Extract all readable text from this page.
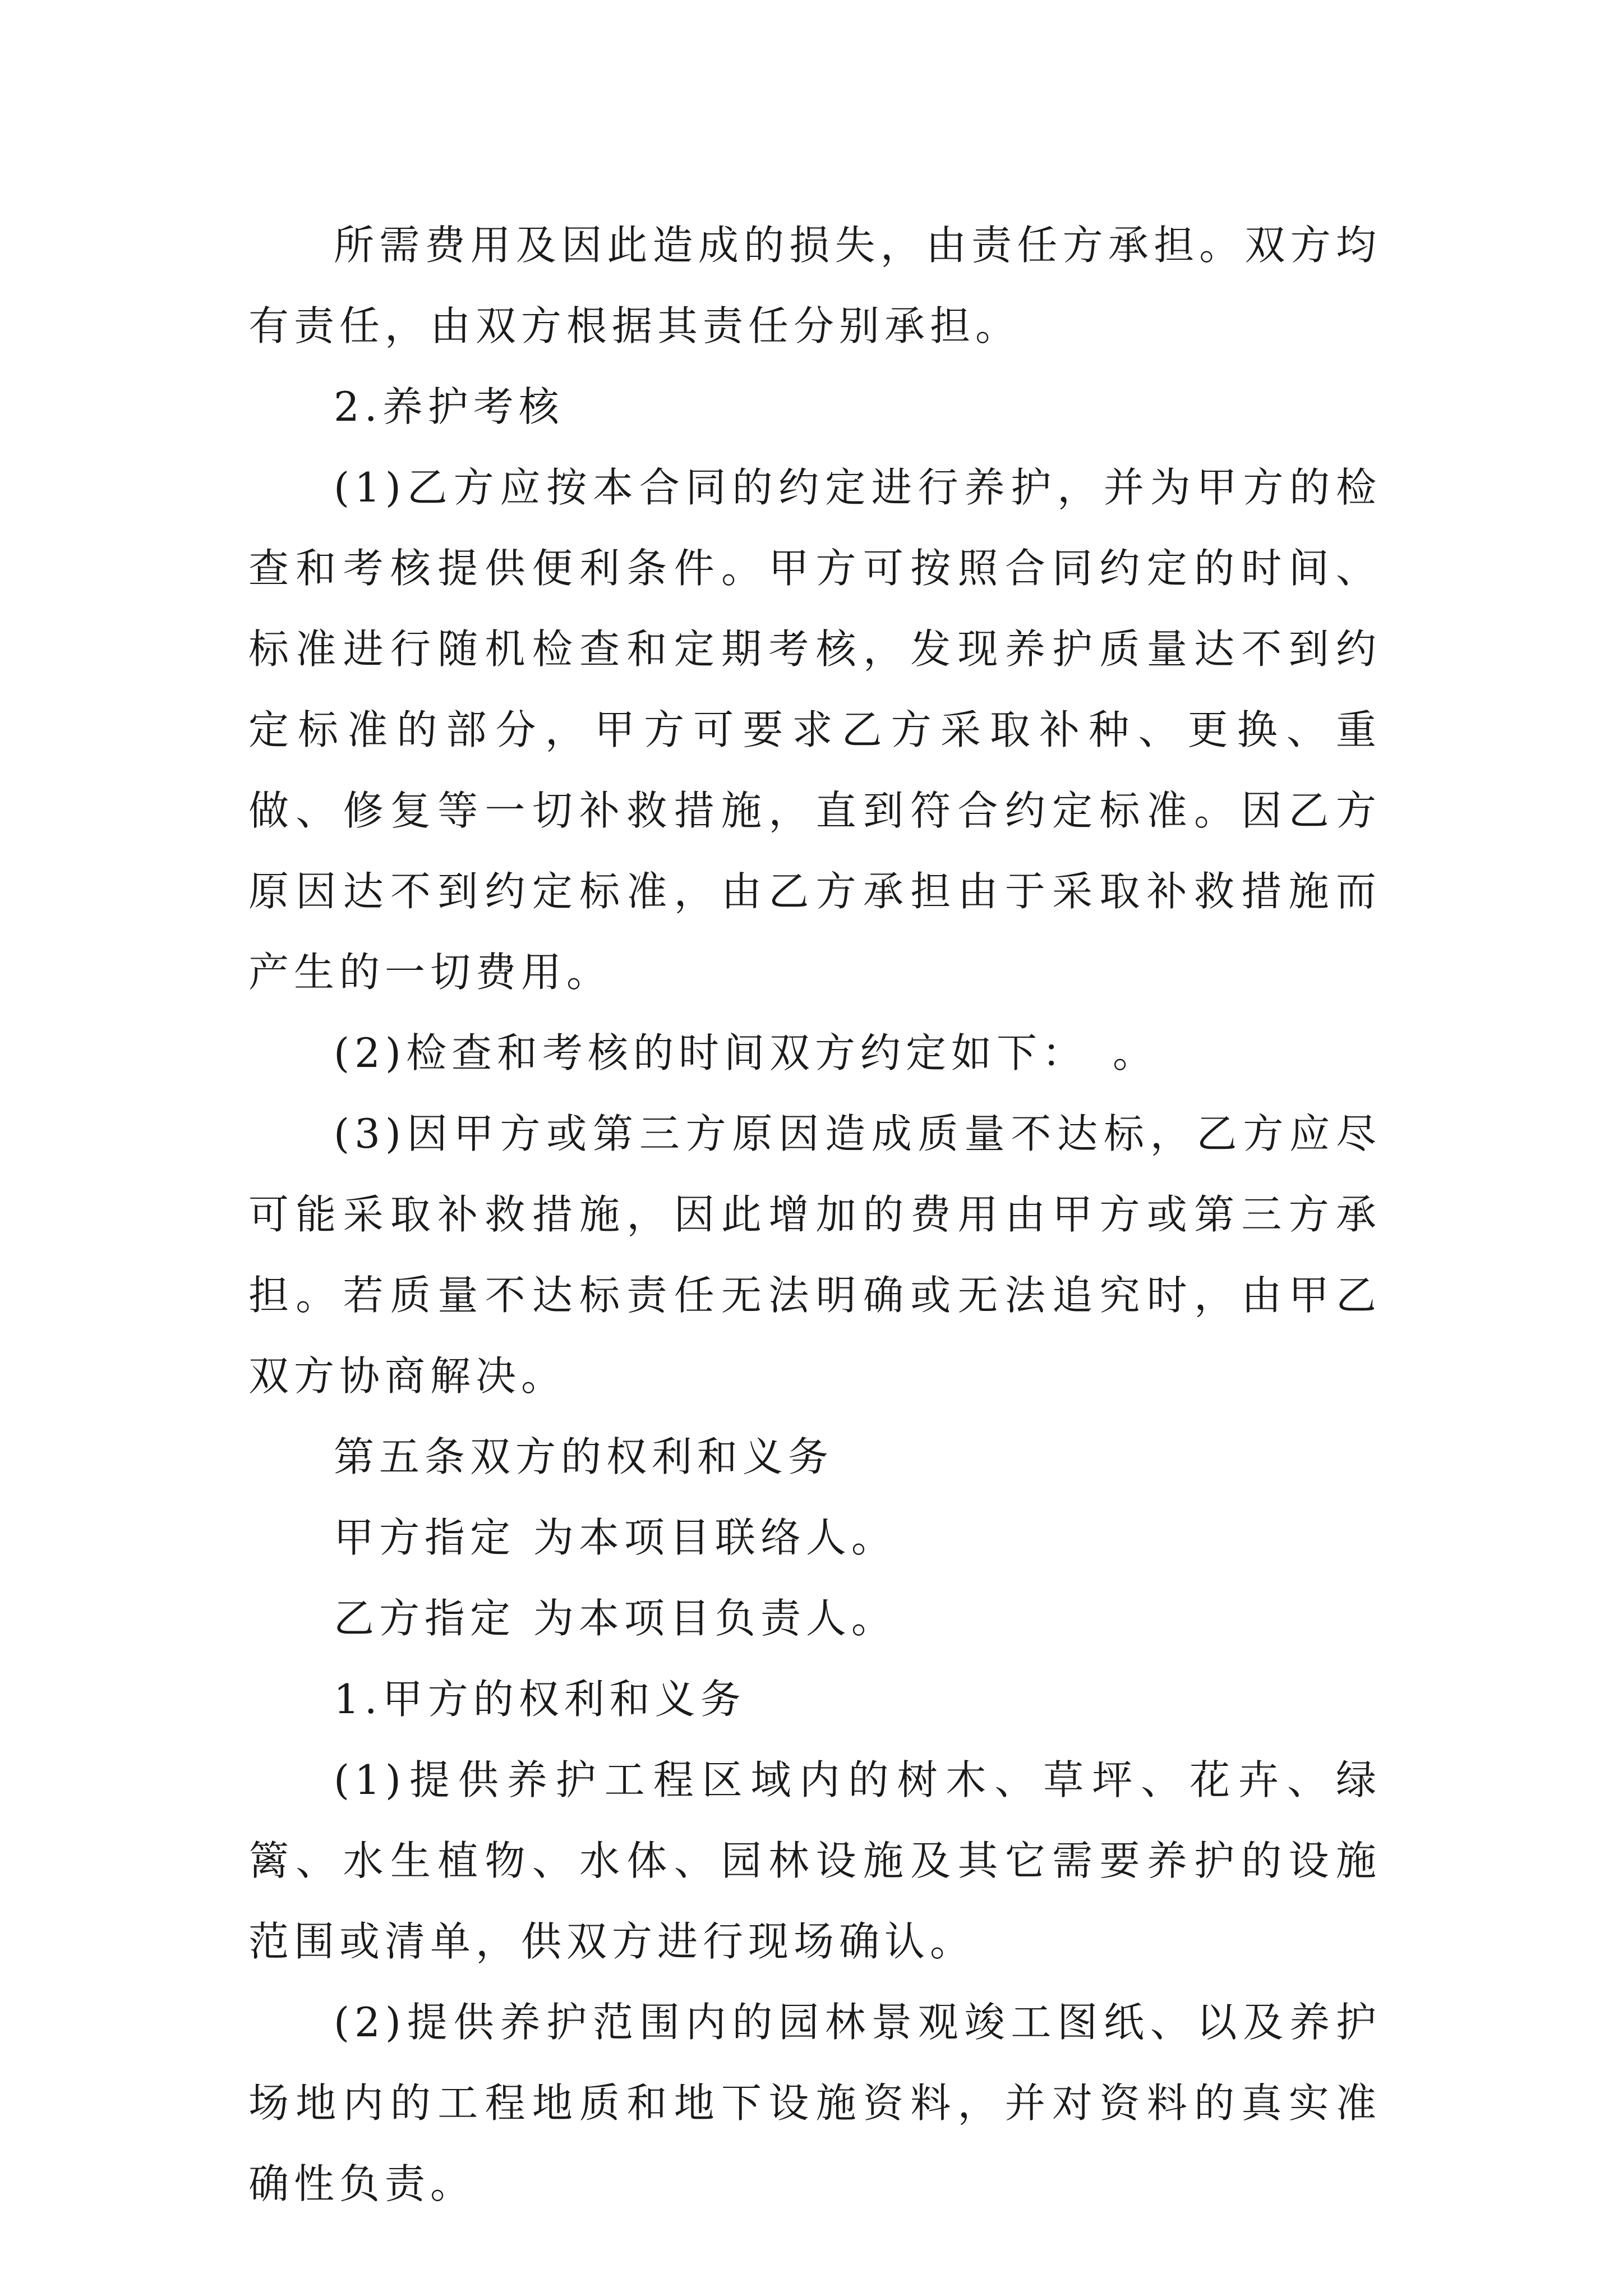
所需费用及因此造成的损失，由责任方承担。双方均有责任，由双方根据其责任分别承担。

2.养护考核

(1)乙方应按本合同的约定进行养护，并为甲方的检查和考核提供便利条件。甲方可按照合同约定的时间、标准进行随机检查和定期考核，发现养护质量达不到约定标准的部分，甲方可要求乙方采取补种、更换、重做、修复等一切补救措施，直到符合约定标准。因乙方原因达不到约定标准，由乙方承担由于采取补救措施而产生的一切费用。

(2)检查和考核的时间双方约定如下：　。

(3)因甲方或第三方原因造成质量不达标，乙方应尽可能采取补救措施，因此增加的费用由甲方或第三方承担。若质量不达标责任无法明确或无法追究时，由甲乙双方协商解决。

第五条双方的权利和义务

甲方指定 为本项目联络人。

乙方指定 为本项目负责人。

1.甲方的权利和义务

(1)提供养护工程区域内的树木、草坪、花卉、绿篱、水生植物、水体、园林设施及其它需要养护的设施范围或清单，供双方进行现场确认。

(2)提供养护范围内的园林景观竣工图纸、以及养护场地内的工程地质和地下设施资料，并对资料的真实准确性负责。
